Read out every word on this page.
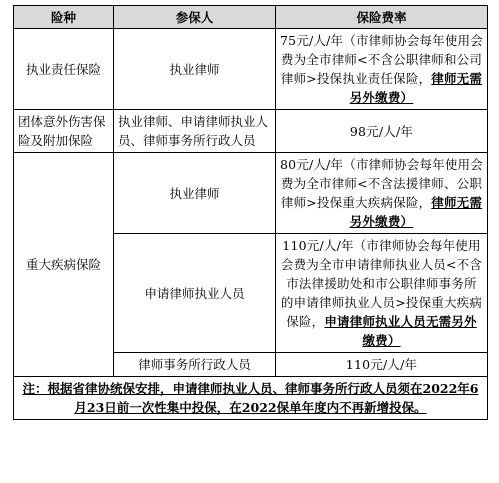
险种	参保人	保险费率
执业责任保险	执业律师	75元/人/年（市律师协会每年使用会费为全市律师<不含公职律师和公司律师>投保执业责任保险，律师无需另外缴费）
团体意外伤害保险及附加保险	执业律师、申请律师执业人员、律师事务所行政人员	98元/人/年
重大疾病保险	执业律师	80元/人/年（市律师协会每年使用会费为全市律师<不含法援律师、公职律师>投保重大疾病保险，律师无需另外缴费）
	申请律师执业人员	110元/人/年（市律师协会每年使用会费为全市申请律师执业人员<不含市法律援助处和市公职律师事务所的申请律师执业人员>投保重大疾病保险，申请律师执业人员无需另外缴费）
	律师事务所行政人员	110元/人/年
注：根据省律协统保安排，申请律师执业人员、律师事务所行政人员须在2022年6月23日前一次性集中投保，在2022保单年度内不再新增投保。		
